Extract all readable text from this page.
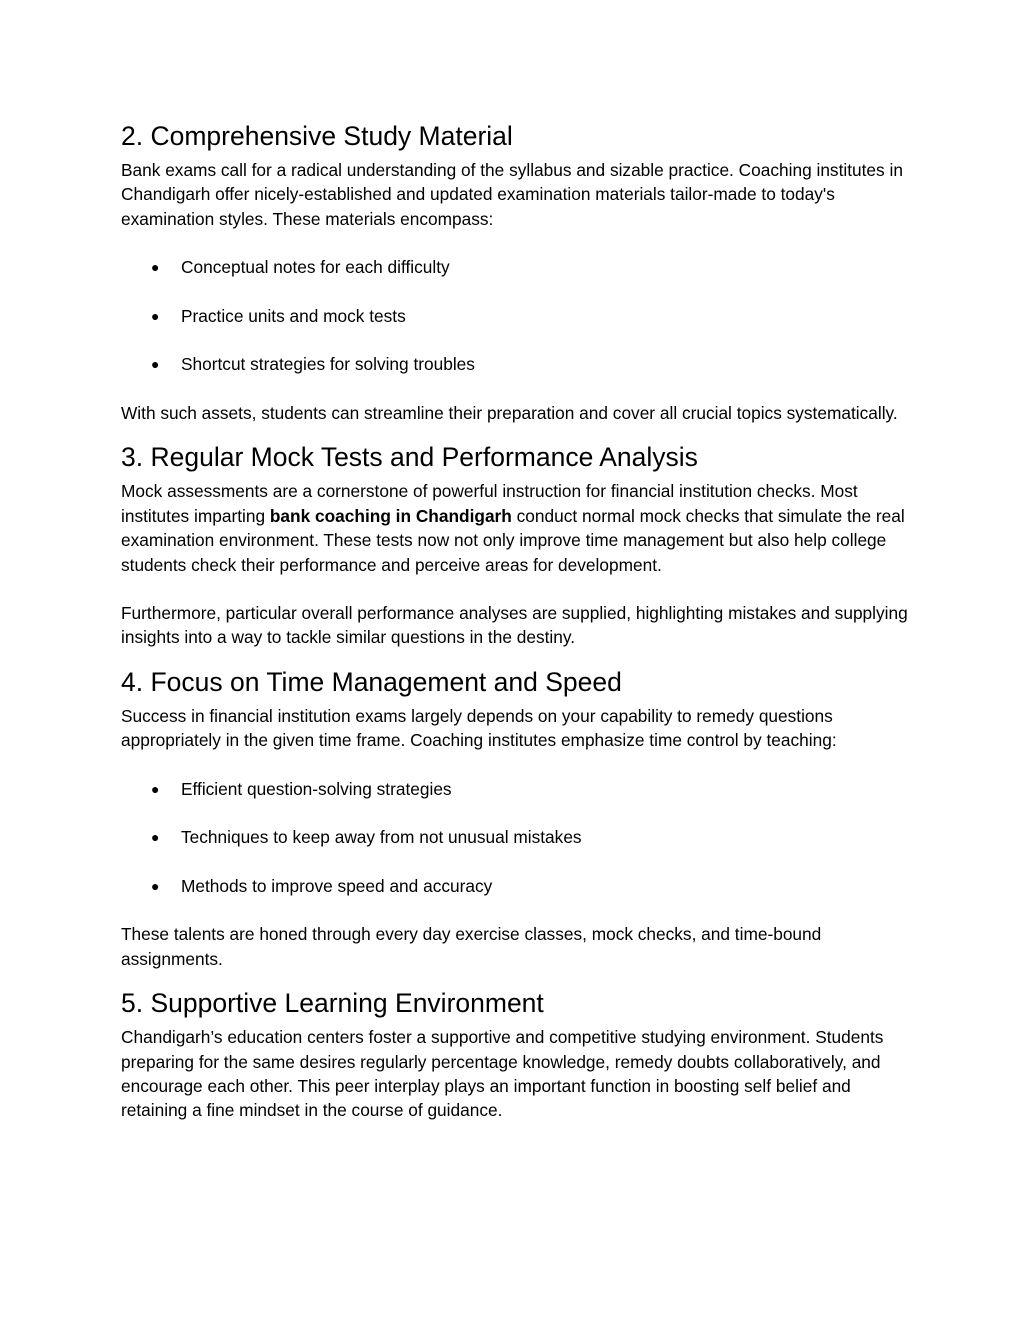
2. Comprehensive Study Material

Bank exams call for a radical understanding of the syllabus and sizable practice. Coaching institutes in Chandigarh offer nicely-established and updated examination materials tailor-made to today's examination styles. These materials encompass:

● Conceptual notes for each difficulty
● Practice units and mock tests
● Shortcut strategies for solving troubles

With such assets, students can streamline their preparation and cover all crucial topics systematically.

3. Regular Mock Tests and Performance Analysis

Mock assessments are a cornerstone of powerful instruction for financial institution checks. Most institutes imparting bank coaching in Chandigarh conduct normal mock checks that simulate the real examination environment. These tests now not only improve time management but also help college students check their performance and perceive areas for development.

Furthermore, particular overall performance analyses are supplied, highlighting mistakes and supplying insights into a way to tackle similar questions in the destiny.

4. Focus on Time Management and Speed

Success in financial institution exams largely depends on your capability to remedy questions appropriately in the given time frame. Coaching institutes emphasize time control by teaching:

● Efficient question-solving strategies
● Techniques to keep away from not unusual mistakes
● Methods to improve speed and accuracy

These talents are honed through every day exercise classes, mock checks, and time-bound assignments.

5. Supportive Learning Environment

Chandigarh’s education centers foster a supportive and competitive studying environment. Students preparing for the same desires regularly percentage knowledge, remedy doubts collaboratively, and encourage each other. This peer interplay plays an important function in boosting self belief and retaining a fine mindset in the course of guidance.
